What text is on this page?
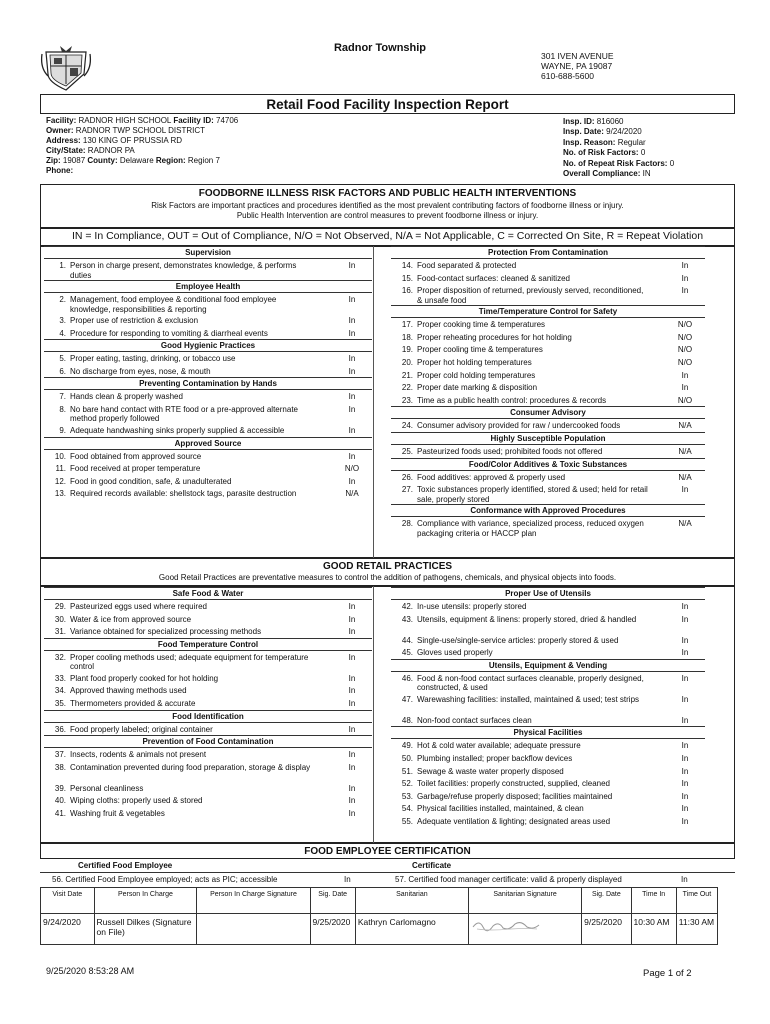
Radnor Township
301 IVEN AVENUE
WAYNE, PA 19087
610-688-5600
Retail Food Facility Inspection Report
Facility: RADNOR HIGH SCHOOL Facility ID: 74706
Owner: RADNOR TWP SCHOOL DISTRICT
Address: 130 KING OF PRUSSIA RD
City/State: RADNOR PA
Zip: 19087 County: Delaware Region: Region 7
Phone:
Insp. ID: 816060
Insp. Date: 9/24/2020
Insp. Reason: Regular
No. of Risk Factors: 0
No. of Repeat Risk Factors: 0
Overall Compliance: IN
FOODBORNE ILLNESS RISK FACTORS AND PUBLIC HEALTH INTERVENTIONS
Risk Factors are important practices and procedures identified as the most prevalent contributing factors of foodborne illness or injury.
Public Health Intervention are control measures to prevent foodborne illness or injury.
IN = In Compliance, OUT = Out of Compliance, N/O = Not Observed, N/A = Not Applicable, C = Corrected On Site, R = Repeat Violation
Supervision
1. Person in charge present, demonstrates knowledge, & performs duties
In
Employee Health
2. Management, food employee & conditional food employee knowledge, responsibilities & reporting
In
3. Proper use of restriction & exclusion	In
4. Procedure for responding to vomiting & diarrheal events	In
Good Hygienic Practices
5. Proper eating, tasting, drinking, or tobacco use	In
6. No discharge from eyes, nose, & mouth	In
Preventing Contamination by Hands
7. Hands clean & properly washed	In
8. No bare hand contact with RTE food or a pre-approved alternate method properly followed
In
9. Adequate handwashing sinks properly supplied & accessible	In
Approved Source
10. Food obtained from approved source	In
11. Food received at proper temperature	N/O
12. Food in good condition, safe, & unadulterated	In
13. Required records available: shellstock tags, parasite destruction	N/A
Protection From Contamination
14. Food separated & protected	In
15. Food-contact surfaces: cleaned & sanitized	In
16. Proper disposition of returned, previously served, reconditioned, & unsafe food
In
Time/Temperature Control for Safety
17. Proper cooking time & temperatures	N/O
18. Proper reheating procedures for hot holding	N/O
19. Proper cooling time & temperatures	N/O
20. Proper hot holding temperatures	N/O
21. Proper cold holding temperatures	In
22. Proper date marking & disposition	In
23. Time as a public health control: procedures & records	N/O
Consumer Advisory
24. Consumer advisory provided for raw / undercooked foods	N/A
Highly Susceptible Population
25. Pasteurized foods used; prohibited foods not offered	N/A
Food/Color Additives & Toxic Substances
26. Food additives: approved & properly used	N/A
27. Toxic substances properly identified, stored & used; held for retail sale, properly stored
In
Conformance with Approved Procedures
28. Compliance with variance, specialized process, reduced oxygen packaging criteria or HACCP plan
N/A
GOOD RETAIL PRACTICES
Good Retail Practices are preventative measures to control the addition of pathogens, chemicals, and physical objects into foods.
Safe Food & Water
29. Pasteurized eggs used where required	In
30. Water & ice from approved source	In
31. Variance obtained for specialized processing methods	In
Food Temperature Control
32. Proper cooling methods used; adequate equipment for temperature control
In
33. Plant food properly cooked for hot holding	In
34. Approved thawing methods used	In
35. Thermometers provided & accurate	In
Food Identification
36. Food properly labeled; original container	In
Prevention of Food Contamination
37. Insects, rodents & animals not present	In
38. Contamination prevented during food preparation, storage & display	In
39. Personal cleanliness	In
40. Wiping cloths: properly used & stored	In
41. Washing fruit & vegetables	In
Proper Use of Utensils
42. In-use utensils: properly stored	In
43. Utensils, equipment & linens: properly stored, dried & handled	In
44. Single-use/single-service articles: properly stored & used	In
45. Gloves used properly	In
Utensils, Equipment & Vending
46. Food & non-food contact surfaces cleanable, properly designed, constructed, & used
In
47. Warewashing facilities: installed, maintained & used; test strips	In
48. Non-food contact surfaces clean	In
Physical Facilities
49. Hot & cold water available; adequate pressure	In
50. Plumbing installed; proper backflow devices	In
51. Sewage & waste water properly disposed	In
52. Toilet facilities: properly constructed, supplied, cleaned	In
53. Garbage/refuse properly disposed; facilities maintained	In
54. Physical facilities installed, maintained, & clean	In
55. Adequate ventilation & lighting; designated areas used	In
FOOD EMPLOYEE CERTIFICATION
Certified Food Employee	Certificate
56. Certified Food Employee employed; acts as PIC; accessible	In	57. Certified food manager certificate: valid & properly displayed	In
Visit Date	Person In Charge	Person In Charge Signature	Sig. Date	Sanitarian	Sanitarian Signature	Sig. Date	Time In	Time Out
9/24/2020	Russell Dilkes (Signature on File)		9/25/2020	Kathryn Carlomagno		9/25/2020	10:30 AM	11:30 AM
9/25/2020 8:53:28 AM	Page 1 of 2
